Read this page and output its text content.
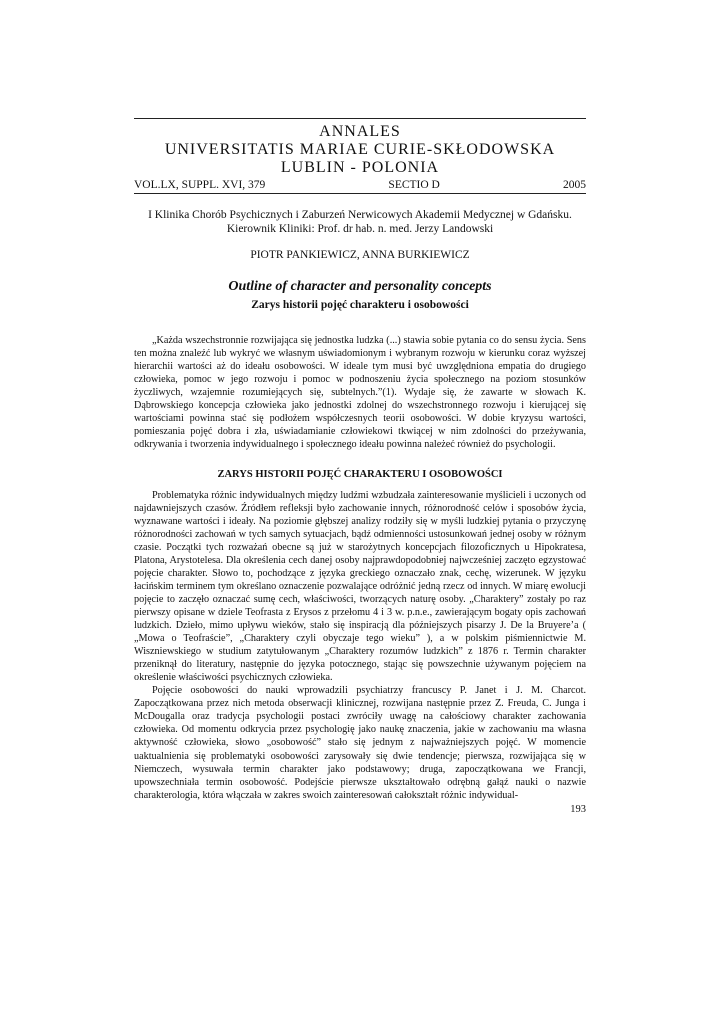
ANNALES
UNIVERSITATIS MARIAE CURIE-SKŁODOWSKA
LUBLIN - POLONIA
VOL.LX, SUPPL. XVI, 379	SECTIO D	2005
I Klinika Chorób Psychicznych i Zaburzeń Nerwicowych Akademii Medycznej w Gdańsku.
Kierownik Kliniki: Prof. dr hab. n. med. Jerzy Landowski
PIOTR PANKIEWICZ, ANNA BURKIEWICZ
Outline of character and personality concepts
Zarys historii pojęć charakteru i osobowości

„Każda wszechstronnie rozwijająca się jednostka ludzka (...) stawia sobie pytania co do sensu życia. Sens ten można znaleźć lub wykryć we własnym uświadomionym i wybranym rozwoju w kierunku coraz wyższej hierarchii wartości aż do ideału osobowości. W ideale tym musi być uwzględniona empatia do drugiego człowieka, pomoc w jego rozwoju i pomoc w podnoszeniu życia społecznego na poziom stosunków życzliwych, wzajemnie rozumiejących się, subtelnych.”(1). Wydaje się, że zawarte w słowach K. Dąbrowskiego koncepcja człowieka jako jednostki zdolnej do wszechstronnego rozwoju i kierującej się wartościami powinna stać się podłożem współczesnych teorii osobowości. W dobie kryzysu wartości, pomieszania pojęć dobra i zła, uświadamianie człowiekowi tkwiącej w nim zdolności do przeżywania, odkrywania i tworzenia indywidualnego i społecznego ideału powinna należeć również do psychologii.

ZARYS HISTORII POJĘĆ CHARAKTERU I OSOBOWOŚCI

Problematyka różnic indywidualnych między ludźmi wzbudzała zainteresowanie myślicieli i uczonych od najdawniejszych czasów. Źródłem refleksji było zachowanie innych, różnorodność celów i sposobów życia, wyznawane wartości i ideały. Na poziomie głębszej analizy rodziły się w myśli ludzkiej pytania o przyczynę różnorodności zachowań w tych samych sytuacjach, bądź odmienności ustosunkowań jednej osoby w różnym czasie. Początki tych rozważań obecne są już w starożytnych koncepcjach filozoficznych u Hipokratesa, Platona, Arystotelesa. Dla określenia cech danej osoby najprawdopodobniej najwcześniej zaczęto egzystować pojęcie charakter. Słowo to, pochodzące z języka greckiego oznaczało znak, cechę, wizerunek. W języku łacińskim terminem tym określano oznaczenie pozwalające odróżnić jedną rzecz od innych. W miarę ewolucji pojęcie to zaczęło oznaczać sumę cech, właściwości, tworzących naturę osoby. „Charaktery” zostały po raz pierwszy opisane w dziele Teofrasta z Erysos z przełomu 4 i 3 w. p.n.e., zawierającym bogaty opis zachowań ludzkich. Dzieło, mimo upływu wieków, stało się inspiracją dla późniejszych pisarzy J. De la Bruyere’a ( „Mowa o Teofraście”, „Charaktery czyli obyczaje tego wieku” ), a w polskim piśmiennictwie M. Wiszniewskiego w studium zatytułowanym „Charaktery rozumów ludzkich” z 1876 r. Termin charakter przeniknął do literatury, następnie do języka potocznego, stając się powszechnie używanym pojęciem na określenie właściwości psychicznych człowieka.

Pojęcie osobowości do nauki wprowadzili psychiatrzy francuscy P. Janet i J. M. Charcot. Zapoczątkowana przez nich metoda obserwacji klinicznej, rozwijana następnie przez Z. Freuda, C. Junga i McDougalla oraz tradycja psychologii postaci zwróciły uwagę na całościowy charakter zachowania człowieka. Od momentu odkrycia przez psychologię jako naukę znaczenia, jakie w zachowaniu ma własna aktywność człowieka, słowo „osobowość” stało się jednym z najważniejszych pojęć. W momencie uaktualnienia się problematyki osobowości zarysowały się dwie tendencje; pierwsza, rozwijająca się w Niemczech, wysuwała termin charakter jako podstawowy; druga, zapoczątkowana we Francji, upowszechniała termin osobowość. Podejście pierwsze ukształtowało odrębną gałąź nauki o nazwie charakterologia, która włączała w zakres swoich zainteresowań całokształt różnic indywidual-

193
